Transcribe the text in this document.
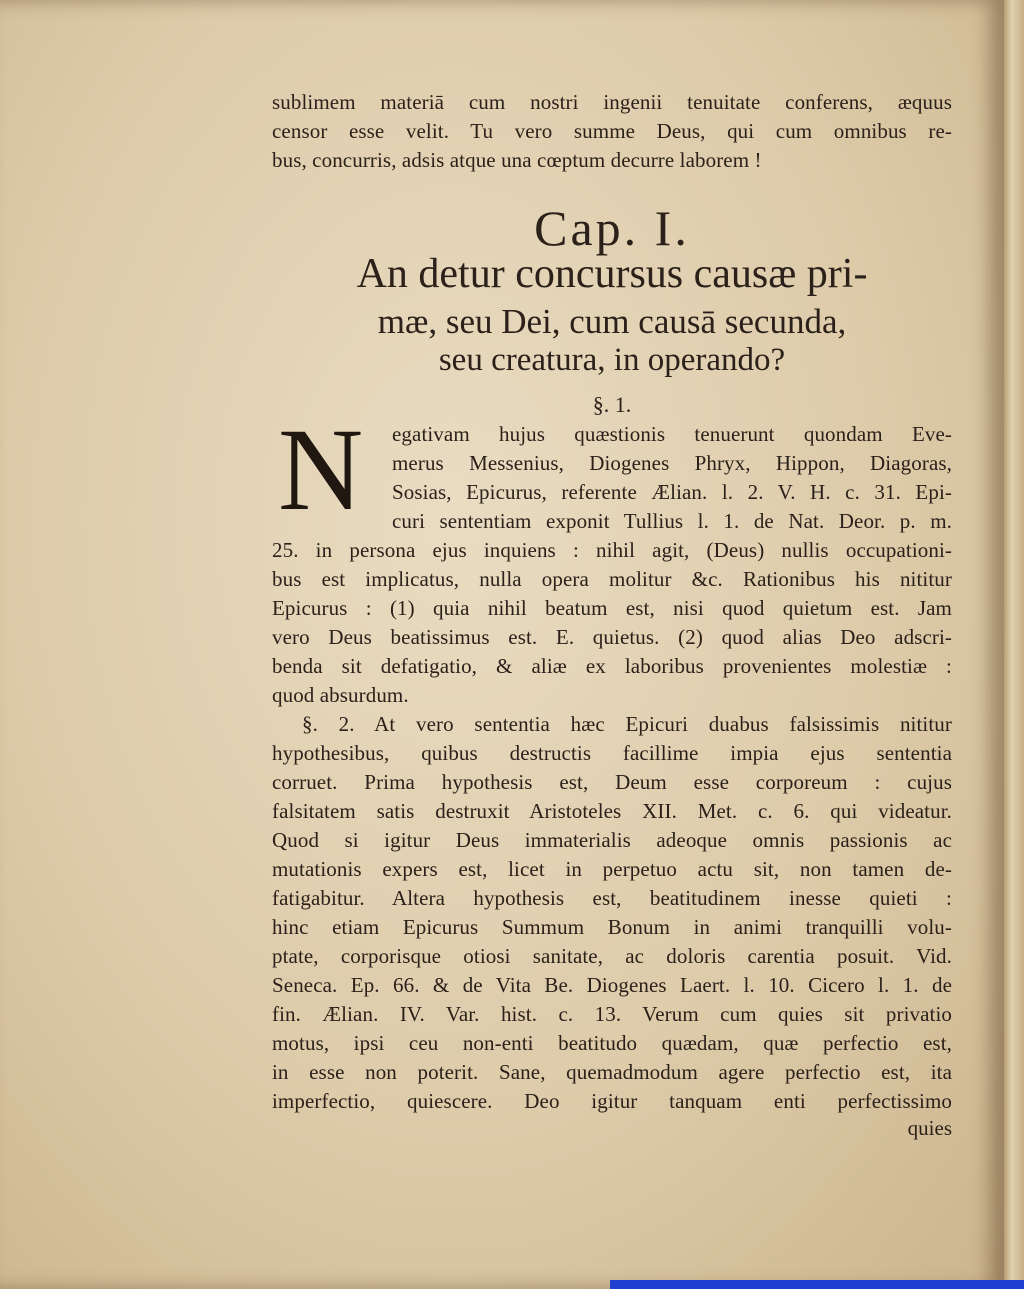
sublimem materiā cum nostri ingenii tenuitate conferens, æquus
censor esse velit. Tu vero summe Deus, qui cum omnibus re-
bus, concurris, adsis atque una cœptum decurre laborem !
Cap. I.
An detur concursus causæ pri-
mæ, seu Dei, cum causā secunda,
seu creatura, in operando?
§. 1.
N egativam hujus quæstionis tenuerunt quondam Eve-
merus Messenius, Diogenes Phryx, Hippon, Diagoras,
Sosias, Epicurus, referente Ælian. l. 2. V. H. c. 31. Epi-
curi sententiam exponit Tullius l. 1. de Nat. Deor. p. m.
25. in persona ejus inquiens : nihil agit, (Deus) nullis occupationi-
bus est implicatus, nulla opera molitur &c. Rationibus his nititur
Epicurus : (1) quia nihil beatum est, nisi quod quietum est. Jam
vero Deus beatissimus est. E. quietus. (2) quod alias Deo adscri-
benda sit defatigatio, & aliæ ex laboribus provenientes molestiæ :
quod absurdum.
§. 2. At vero sententia hæc Epicuri duabus falsissimis nititur
hypothesibus, quibus destructis facillime impia ejus sententia
corruet. Prima hypothesis est, Deum esse corporeum : cujus
falsitatem satis destruxit Aristoteles XII. Met. c. 6. qui videatur.
Quod si igitur Deus immaterialis adeoque omnis passionis ac
mutationis expers est, licet in perpetuo actu sit, non tamen de-
fatigabitur. Altera hypothesis est, beatitudinem inesse quieti :
hinc etiam Epicurus Summum Bonum in animi tranquilli volu-
ptate, corporisque otiosi sanitate, ac doloris carentia posuit. Vid.
Seneca. Ep. 66. & de Vita Be. Diogenes Laert. l. 10. Cicero l. 1. de
fin. Ælian. IV. Var. hist. c. 13. Verum cum quies sit privatio
motus, ipsi ceu non-enti beatitudo quædam, quæ perfectio est,
in esse non poterit. Sane, quemadmodum agere perfectio est, ita
imperfectio, quiescere. Deo igitur tanquam enti perfectissimo
quies
